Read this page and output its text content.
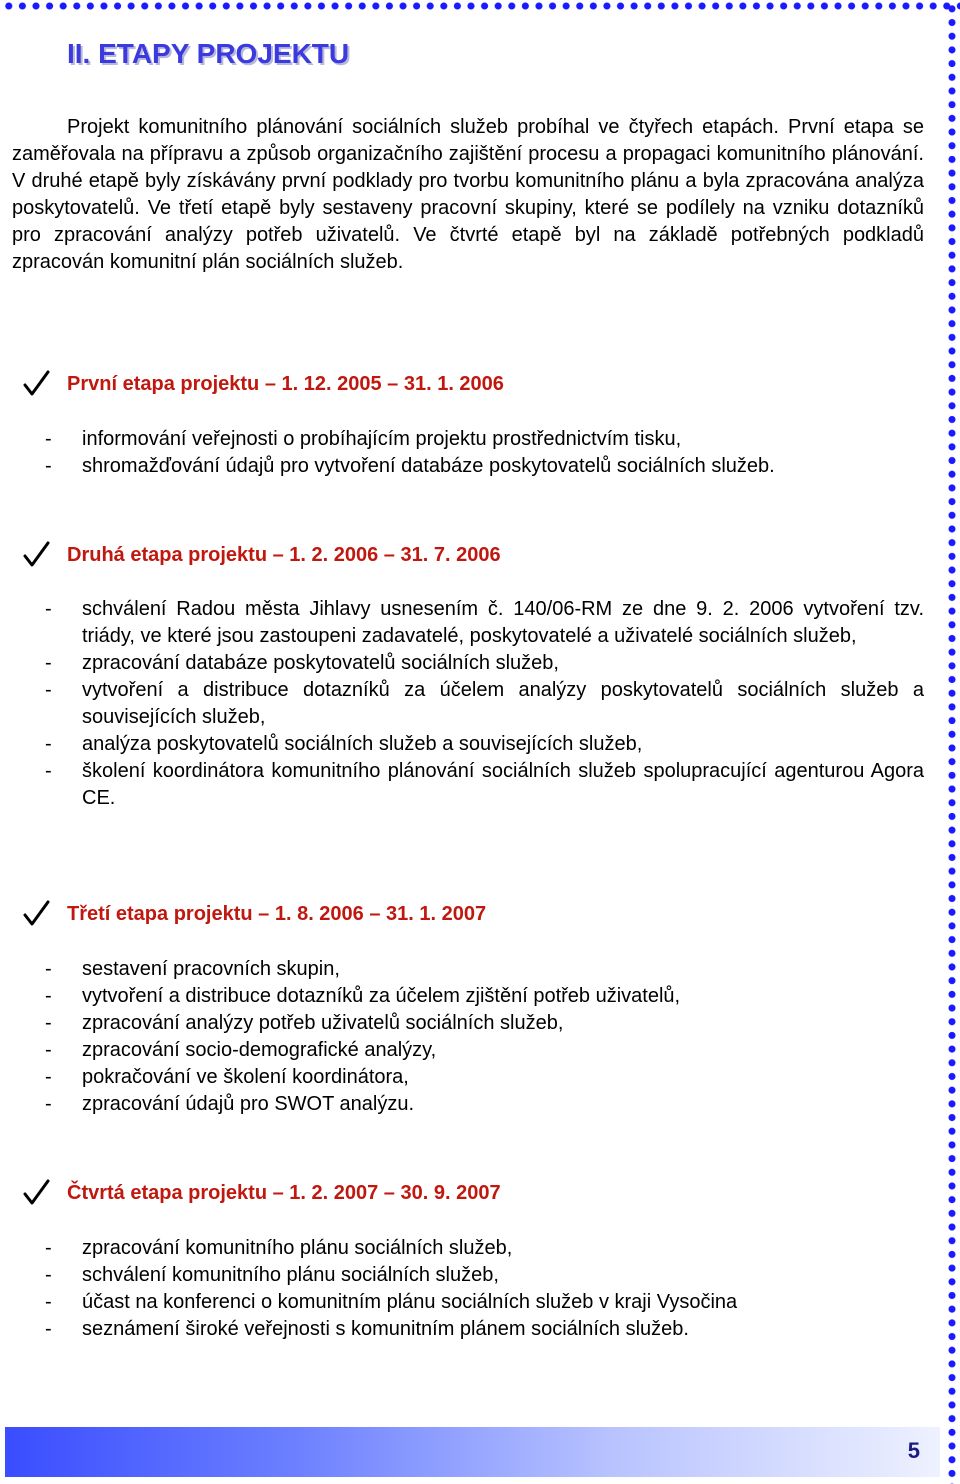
II. ETAPY PROJEKTU

Projekt komunitního plánování sociálních služeb probíhal ve čtyřech etapách. První etapa se zaměřovala na přípravu a způsob organizačního zajištění procesu a propagaci komunitního plánování. V druhé etapě byly získávány první podklady pro tvorbu komunitního plánu a byla zpracována analýza poskytovatelů. Ve třetí etapě byly sestaveny pracovní skupiny, které se podílely na vzniku dotazníků pro zpracování analýzy potřeb uživatelů. Ve čtvrté etapě byl na základě potřebných podkladů zpracován komunitní plán sociálních služeb.

První etapa projektu – 1. 12. 2005 – 31. 1. 2006
- informování veřejnosti o probíhajícím projektu prostřednictvím tisku,
- shromažďování údajů pro vytvoření databáze poskytovatelů sociálních služeb.
Druhá etapa projektu – 1. 2. 2006 – 31. 7. 2006
- schválení Radou města Jihlavy usnesením č. 140/06-RM ze dne 9. 2. 2006 vytvoření tzv. triády, ve které jsou zastoupeni zadavatelé, poskytovatelé a uživatelé sociálních služeb,
- zpracování databáze poskytovatelů sociálních služeb,
- vytvoření a distribuce dotazníků za účelem analýzy poskytovatelů sociálních služeb a souvisejících služeb,
- analýza poskytovatelů sociálních služeb a souvisejících služeb,
- školení koordinátora komunitního plánování sociálních služeb spolupracující agenturou Agora CE.
Třetí etapa projektu – 1. 8. 2006 – 31. 1. 2007
- sestavení pracovních skupin,
- vytvoření a distribuce dotazníků za účelem zjištění potřeb uživatelů,
- zpracování analýzy potřeb uživatelů sociálních služeb,
- zpracování socio-demografické analýzy,
- pokračování ve školení koordinátora,
- zpracování údajů pro SWOT analýzu.
Čtvrtá etapa projektu – 1. 2. 2007 – 30. 9. 2007
- zpracování komunitního plánu sociálních služeb,
- schválení komunitního plánu sociálních služeb,
- účast na konferenci o komunitním plánu sociálních služeb v kraji Vysočina
- seznámení široké veřejnosti s komunitním plánem sociálních služeb.
5
